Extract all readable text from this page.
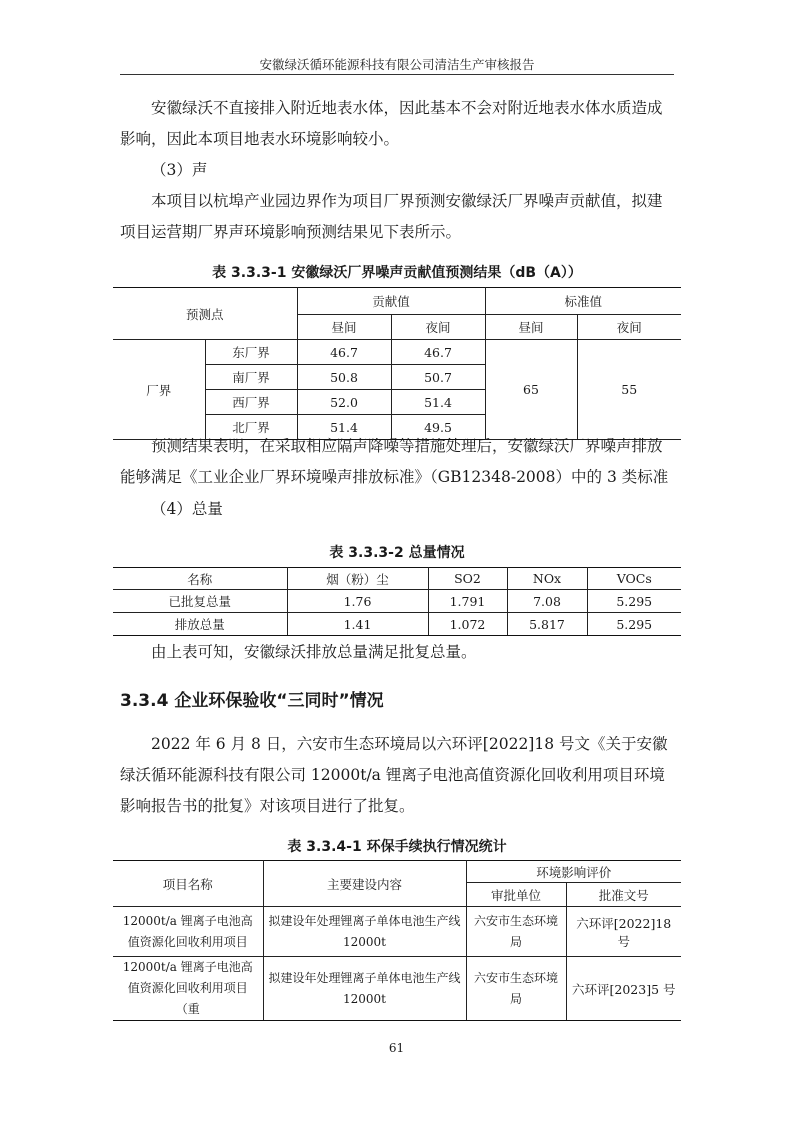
安徽绿沃循环能源科技有限公司清洁生产审核报告

安徽绿沃不直接排入附近地表水体，因此基本不会对附近地表水体水质造成影响，因此本项目地表水环境影响较小。

（3）声

本项目以杭埠产业园边界作为项目厂界预测安徽绿沃厂界噪声贡献值，拟建项目运营期厂界声环境影响预测结果见下表所示。

表 3.3.3-1 安徽绿沃厂界噪声贡献值预测结果（dB（A））
预测点		贡献值		标准值	
		昼间	夜间	昼间	夜间
厂界	东厂界	46.7	46.7	65	55
	南厂界	50.8	50.7		
	西厂界	52.0	51.4		
	北厂界	51.4	49.5		

预测结果表明，在采取相应隔声降噪等措施处理后，安徽绿沃厂界噪声排放能够满足《工业企业厂界环境噪声排放标准》（GB12348-2008）中的 3 类标准

（4）总量

表 3.3.3-2 总量情况
名称	烟（粉）尘	SO2	NOx	VOCs
已批复总量	1.76	1.791	7.08	5.295
排放总量	1.41	1.072	5.817	5.295

由上表可知，安徽绿沃排放总量满足批复总量。

3.3.4 企业环保验收“三同时”情况

2022 年 6 月 8 日，六安市生态环境局以六环评[2022]18 号文《关于安徽绿沃循环能源科技有限公司 12000t/a 锂离子电池高值资源化回收利用项目环境影响报告书的批复》对该项目进行了批复。

表 3.3.4-1 环保手续执行情况统计
项目名称	主要建设内容	环境影响评价	
		审批单位	批准文号
12000t/a 锂离子电池高值资源化回收利用项目	拟建设年处理锂离子单体电池生产线 12000t	六安市生态环境局	六环评[2022]18 号
12000t/a 锂离子电池高值资源化回收利用项目（重	拟建设年处理锂离子单体电池生产线 12000t	六安市生态环境局	六环评[2023]5 号
61
